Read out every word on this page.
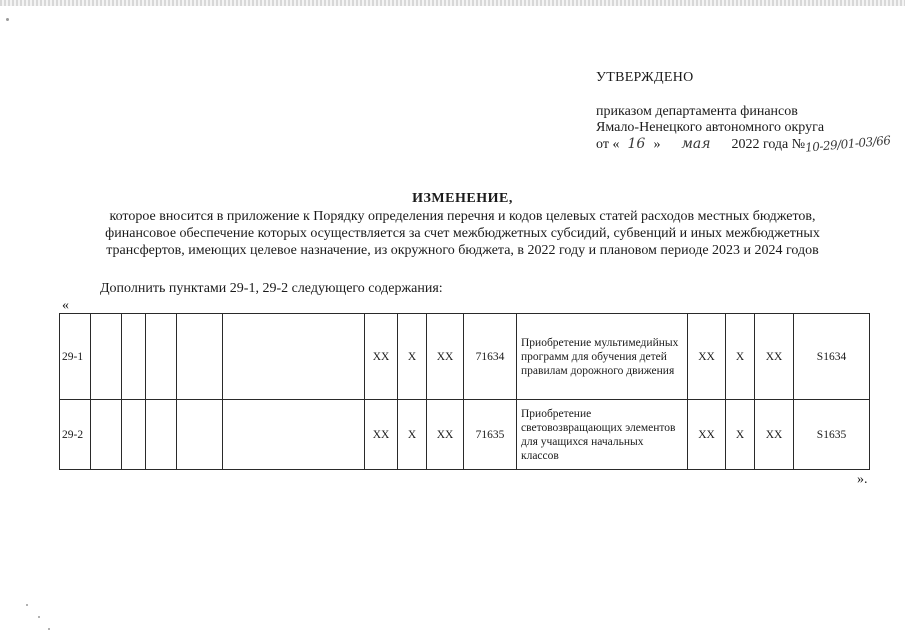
УТВЕРЖДЕНО
приказом департамента финансов
Ямало-Ненецкого автономного округа
от « 16 » мая 2022 года №10-29/01-03/66
ИЗМЕНЕНИЕ,
которое вносится в приложение к Порядку определения перечня и кодов целевых статей расходов местных бюджетов,
финансовое обеспечение которых осуществляется за счет межбюджетных субсидий, субвенций и иных межбюджетных
трансфертов, имеющих целевое назначение, из окружного бюджета, в 2022 году и плановом периоде 2023 и 2024 годов
Дополнить пунктами 29-1, 29-2 следующего содержания:
«
29-1						XX	X	XX	71634	Приобретение мультимедийных программ для обучения детей правилам дорожного движения	XX	X	XX	S1634
29-2						XX	X	XX	71635	Приобретение световозвращающих элементов для учащихся начальных классов	XX	X	XX	S1635
».
